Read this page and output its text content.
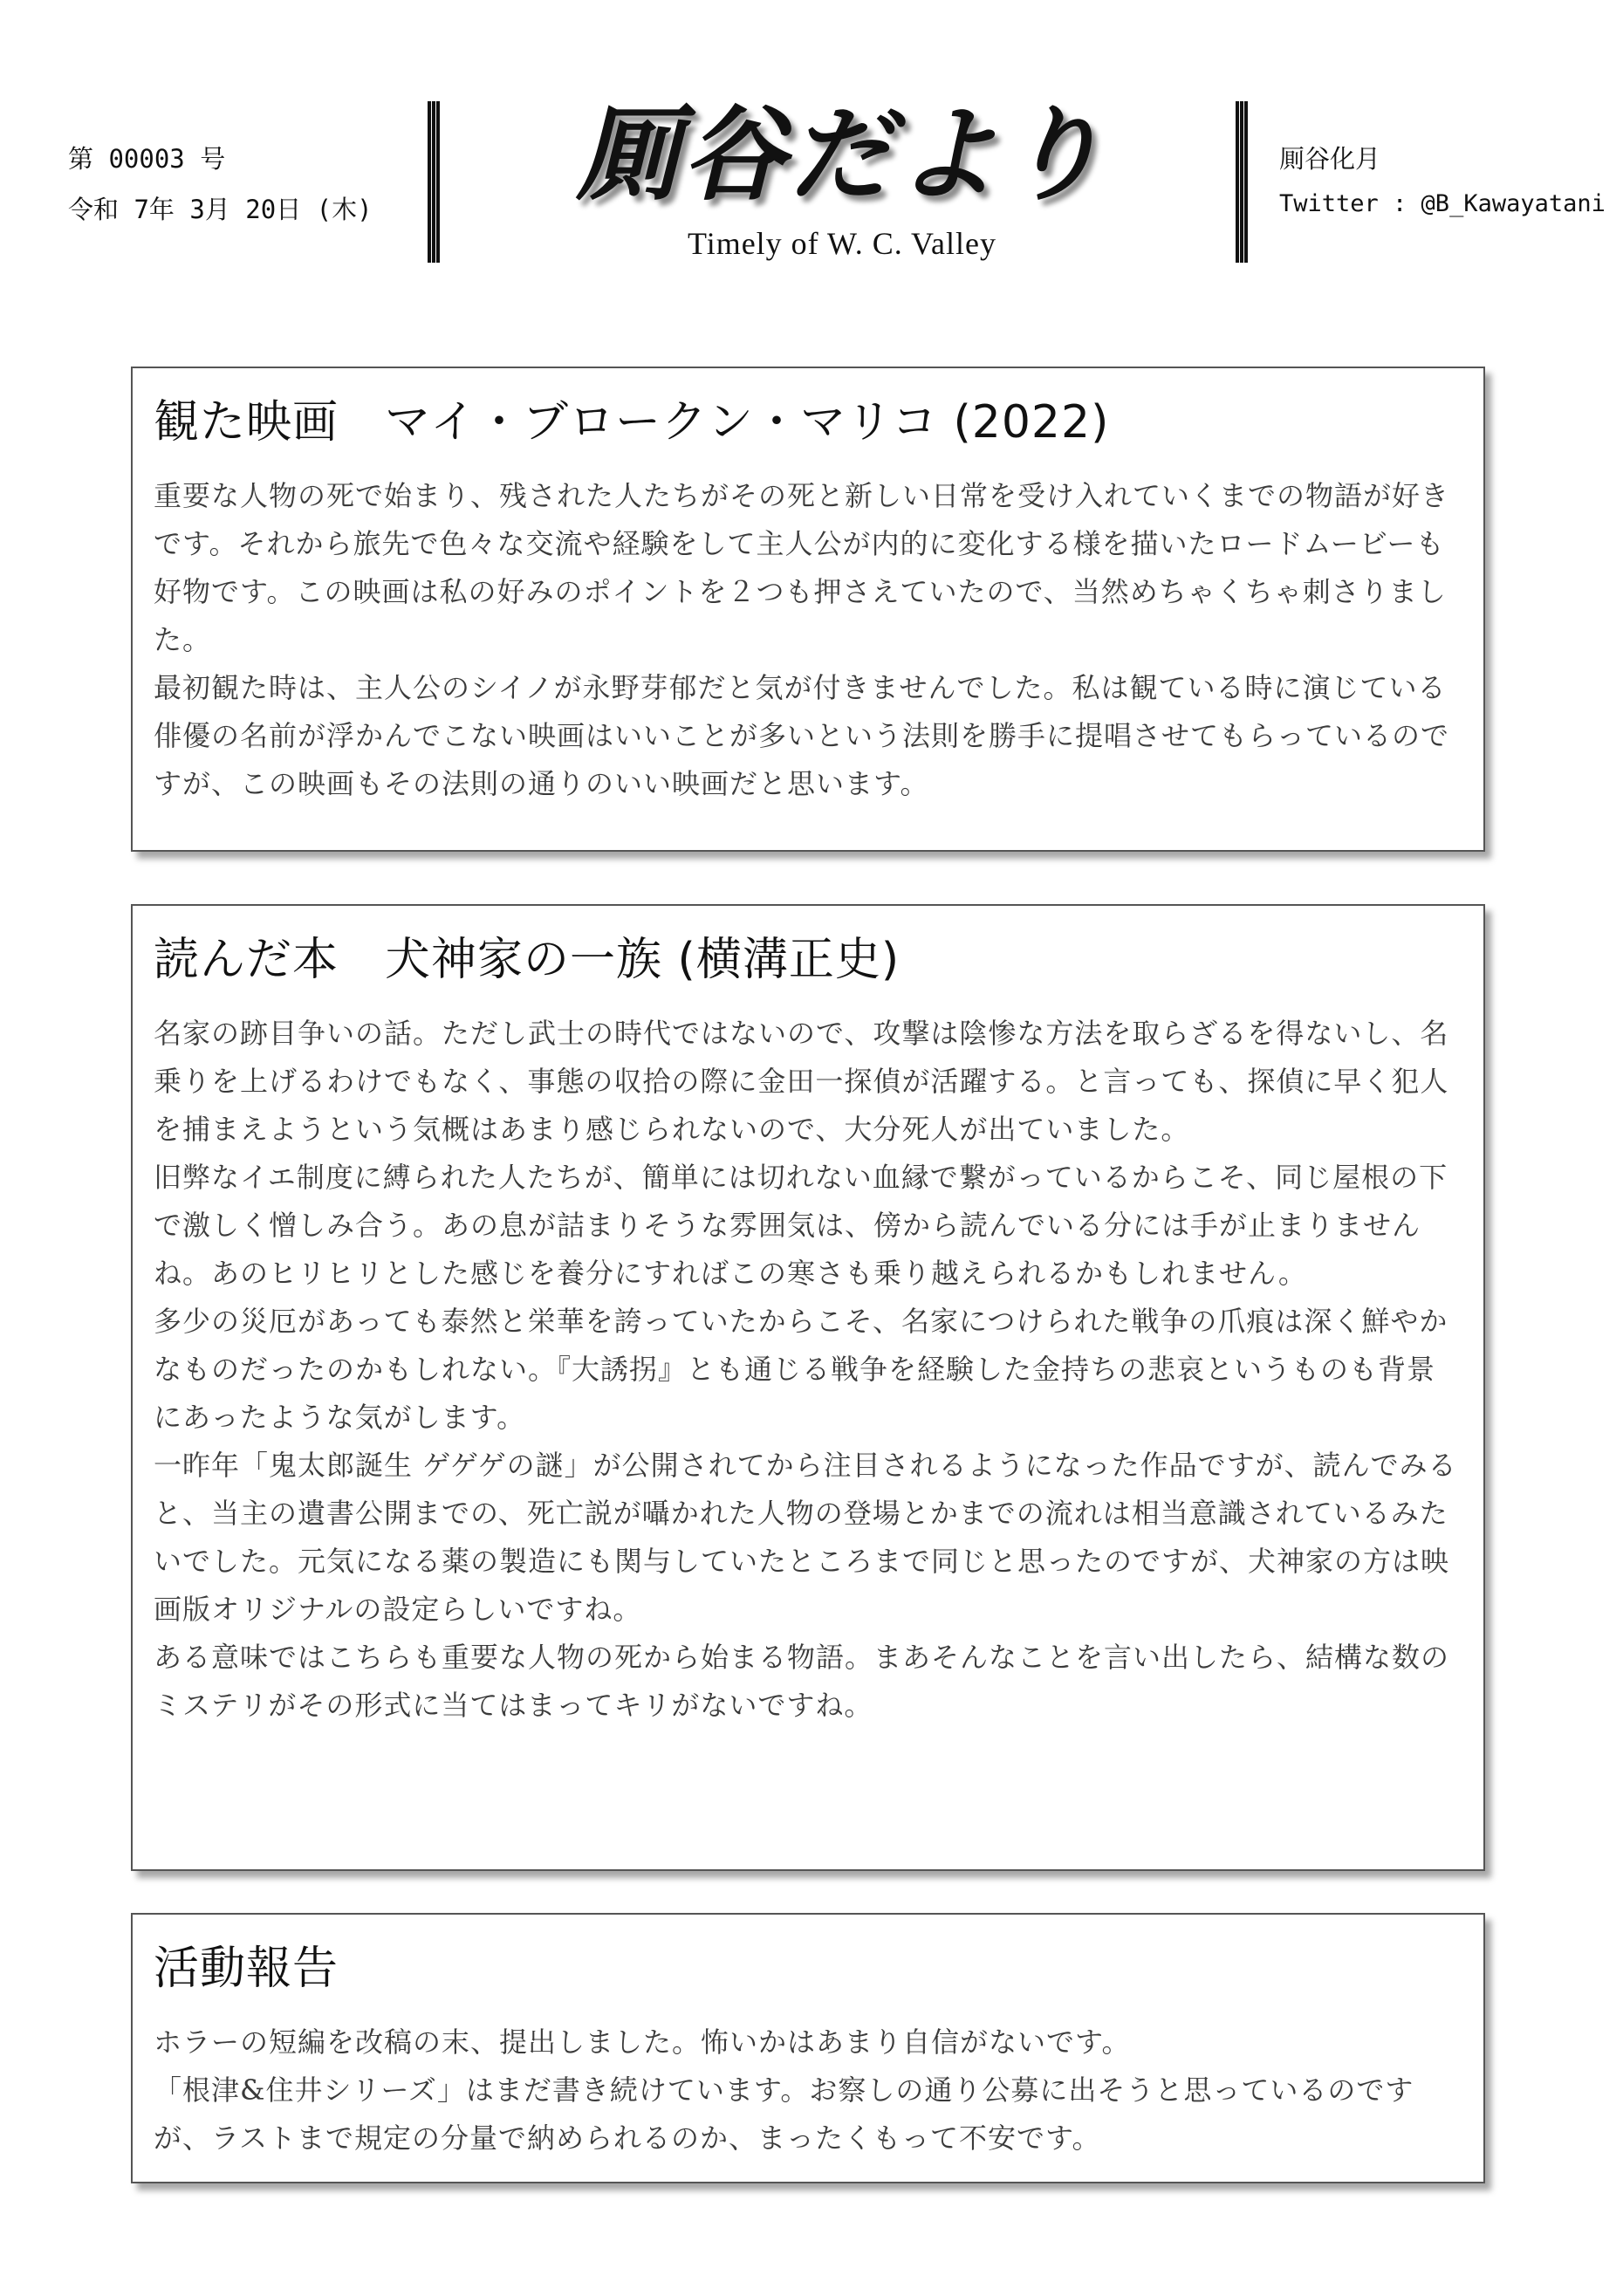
第 00003 号
令和 7年 3月 20日 (木)	厠谷だより
Timely of W. C. Valley
厠谷化月
Twitter : @B_Kawayatani
観た映画　マイ・ブロークン・マリコ (2022)

重要な人物の死で始まり、残された人たちがその死と新しい日常を受け入れていくまでの物語が好きです。それから旅先で色々な交流や経験をして主人公が内的に変化する様を描いたロードムービーも好物です。この映画は私の好みのポイントを２つも押さえていたので、当然めちゃくちゃ刺さりました。

最初観た時は、主人公のシイノが永野芽郁だと気が付きませんでした。私は観ている時に演じている俳優の名前が浮かんでこない映画はいいことが多いという法則を勝手に提唱させてもらっているのですが、この映画もその法則の通りのいい映画だと思います。

読んだ本　犬神家の一族 (横溝正史)

名家の跡目争いの話。ただし武士の時代ではないので、攻撃は陰惨な方法を取らざるを得ないし、名乗りを上げるわけでもなく、事態の収拾の際に金田一探偵が活躍する。と言っても、探偵に早く犯人を捕まえようという気概はあまり感じられないので、大分死人が出ていました。

旧弊なイエ制度に縛られた人たちが、簡単には切れない血縁で繋がっているからこそ、同じ屋根の下で激しく憎しみ合う。あの息が詰まりそうな雰囲気は、傍から読んでいる分には手が止まりませんね。あのヒリヒリとした感じを養分にすればこの寒さも乗り越えられるかもしれません。

多少の災厄があっても泰然と栄華を誇っていたからこそ、名家につけられた戦争の爪痕は深く鮮やかなものだったのかもしれない。『大誘拐』とも通じる戦争を経験した金持ちの悲哀というものも背景にあったような気がします。

一昨年「鬼太郎誕生 ゲゲゲの謎」が公開されてから注目されるようになった作品ですが、読んでみると、当主の遺書公開までの、死亡説が囁かれた人物の登場とかまでの流れは相当意識されているみたいでした。元気になる薬の製造にも関与していたところまで同じと思ったのですが、犬神家の方は映画版オリジナルの設定らしいですね。

ある意味ではこちらも重要な人物の死から始まる物語。まあそんなことを言い出したら、結構な数のミステリがその形式に当てはまってキリがないですね。

活動報告

ホラーの短編を改稿の末、提出しました。怖いかはあまり自信がないです。

「根津&住井シリーズ」はまだ書き続けています。お察しの通り公募に出そうと思っているのですが、ラストまで規定の分量で納められるのか、まったくもって不安です。
